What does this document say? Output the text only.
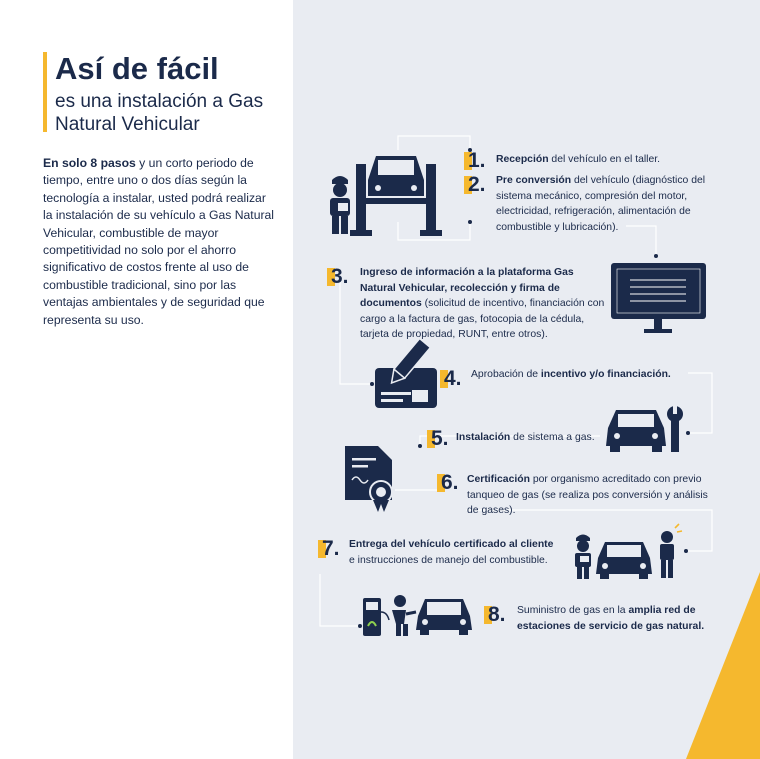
Así de fácil

es una instalación a Gas Natural Vehicular

En solo 8 pasos y un corto periodo de tiempo, entre uno o dos días según la tecnología a instalar, usted podrá realizar la instalación de su vehículo a Gas Natural Vehicular, combustible de mayor competitividad no solo por el ahorro significativo de costos frente al uso de combustible tradicional, sino por las ventajas ambientales y de seguridad que representa su uso.
1.
2.
3.
4.
5.
6.
7.
8.
Recepción del vehículo en el taller.
Pre conversión del vehículo (diagnóstico del sistema mecánico, compresión del motor, electricidad, refrigeración, alimentación de combustible y lubricación).
Ingreso de información a la plataforma Gas Natural Vehicular, recolección y firma de documentos (solicitud de incentivo, financiación con cargo a la factura de gas, fotocopia de la cédula, tarjeta de propiedad, RUNT, entre otros).
Aprobación de incentivo y/o financiación.
Instalación de sistema a gas.
Certificación por organismo acreditado con previo tanqueo de gas (se realiza pos conversión y análisis de gases).
Entrega del vehículo certificado al cliente e instrucciones de manejo del combustible.
Suministro de gas en la amplia red de estaciones de servicio de gas natural.
